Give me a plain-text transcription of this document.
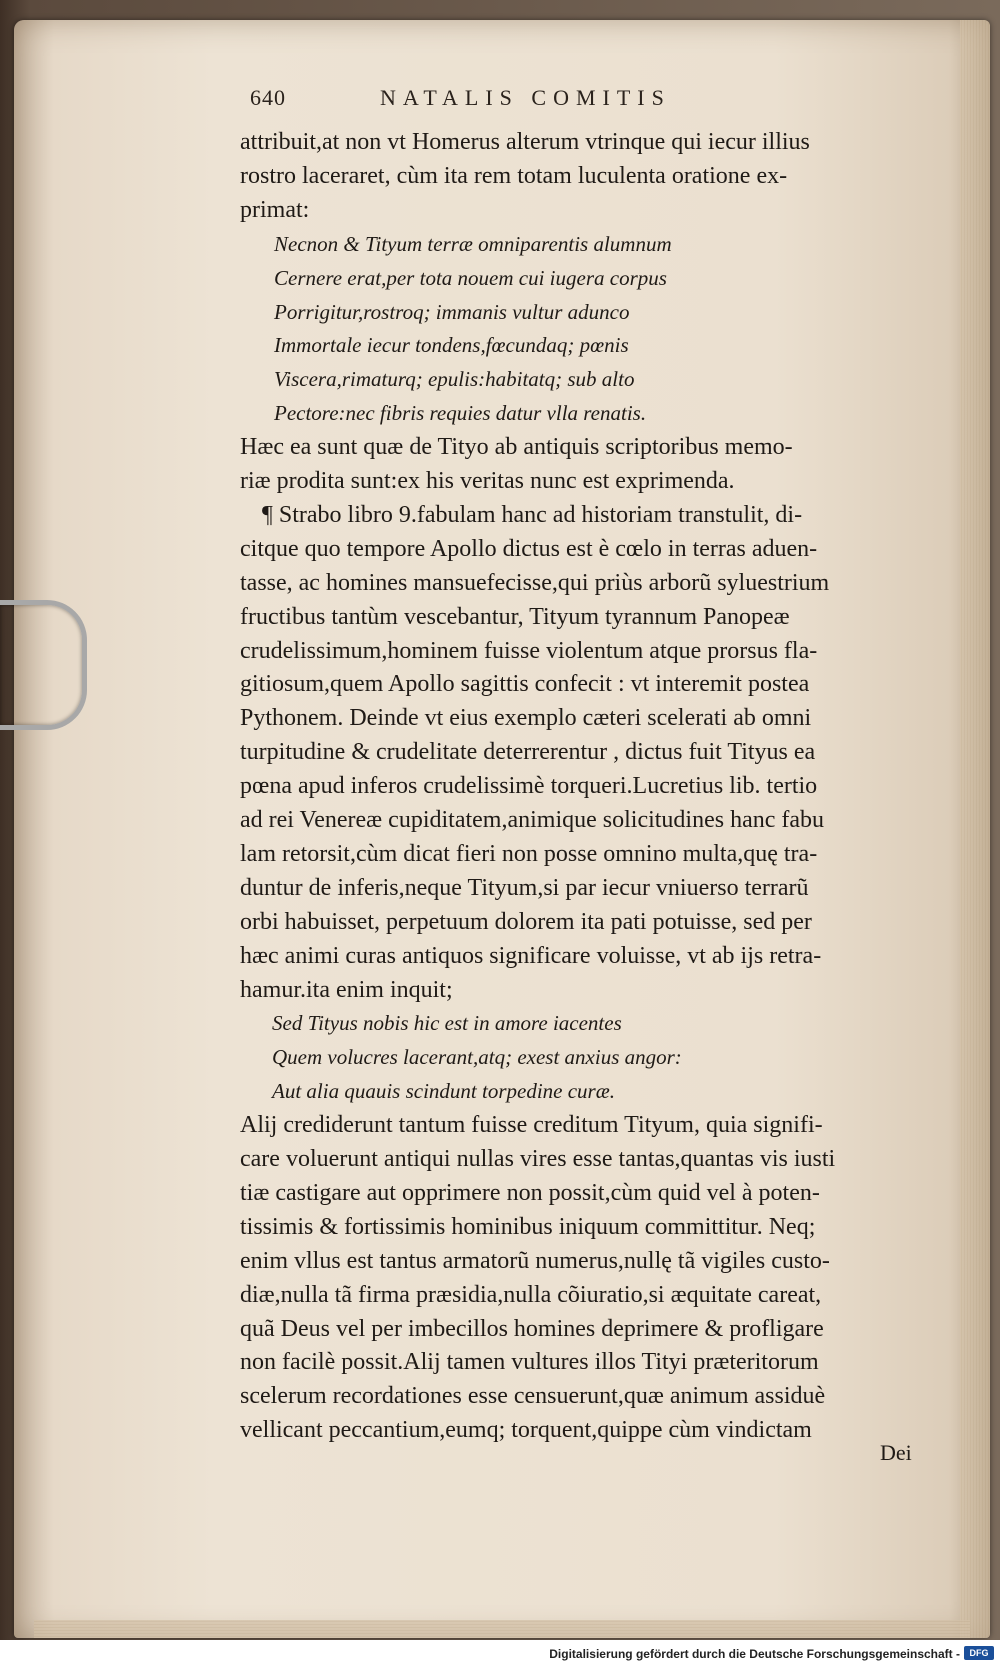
640	NATALIS COMITIS
attribuit,at non vt Homerus alterum vtrinque qui iecur illius
rostro laceraret, cùm ita rem totam luculenta oratione ex-
primat:
Necnon & Tityum terræ omniparentis alumnum
Cernere erat,per tota nouem cui iugera corpus
Porrigitur,rostroq; immanis vultur adunco
Immortale iecur tondens,fœcundaq; pœnis
Viscera,rimaturq; epulis:habitatq; sub alto
Pectore:nec fibris requies datur vlla renatis.
Hæc ea sunt quæ de Tityo ab antiquis scriptoribus memo-
riæ prodita sunt:ex his veritas nunc est exprimenda.
¶ Strabo libro 9.fabulam hanc ad historiam transtulit, di-
citque quo tempore Apollo dictus est è cœlo in terras aduen-
tasse, ac homines mansuefecisse,qui priùs arborũ syluestrium
fructibus tantùm vescebantur, Tityum tyrannum Panopeæ
crudelissimum,hominem fuisse violentum atque prorsus fla-
gitiosum,quem Apollo sagittis confecit : vt interemit postea
Pythonem. Deinde vt eius exemplo cæteri scelerati ab omni
turpitudine & crudelitate deterrerentur , dictus fuit Tityus ea
pœna apud inferos crudelissimè torqueri.Lucretius lib. tertio
ad rei Venereæ cupiditatem,animique solicitudines hanc fabu
lam retorsit,cùm dicat fieri non posse omnino multa,quę tra-
duntur de inferis,neque Tityum,si par iecur vniuerso terrarũ
orbi habuisset, perpetuum dolorem ita pati potuisse, sed per
hæc animi curas antiquos significare voluisse, vt ab ijs retra-
hamur.ita enim inquit;
Sed Tityus nobis hic est in amore iacentes
Quem volucres lacerant,atq; exest anxius angor:
Aut alia quauis scindunt torpedine curæ.
Alij crediderunt tantum fuisse creditum Tityum, quia signifi-
care voluerunt antiqui nullas vires esse tantas,quantas vis iusti
tiæ castigare aut opprimere non possit,cùm quid vel à poten-
tissimis & fortissimis hominibus iniquum committitur. Neq;
enim vllus est tantus armatorũ numerus,nullę tã vigiles custo-
diæ,nulla tã firma præsidia,nulla cõiuratio,si æquitate careat,
quã Deus vel per imbecillos homines deprimere & profligare
non facilè possit.Alij tamen vultures illos Tityi præteritorum
scelerum recordationes esse censuerunt,quæ animum assiduè
vellicant peccantium,eumq; torquent,quippe cùm vindictam
Dei
Digitalisierung gefördert durch die Deutsche Forschungsgemeinschaft -	DFG
